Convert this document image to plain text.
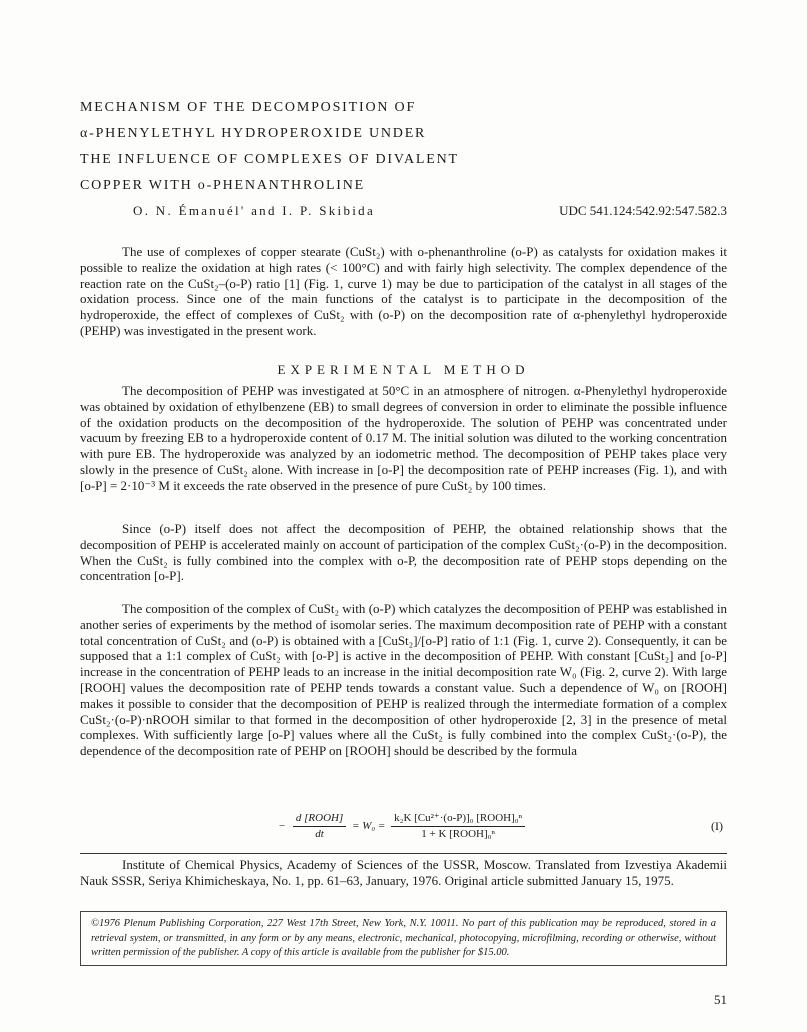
MECHANISM OF THE DECOMPOSITION OF
α-PHENYLETHYL HYDROPEROXIDE UNDER
THE INFLUENCE OF COMPLEXES OF DIVALENT
COPPER WITH o-PHENANTHROLINE
O. N. Émanuél' and I. P. Skibida	UDC 541.124:542.92:547.582.3

The use of complexes of copper stearate (CuSt₂) with o-phenanthroline (o-P) as catalysts for oxidation makes it possible to realize the oxidation at high rates (< 100°C) and with fairly high selectivity. The complex dependence of the reaction rate on the CuSt₂–(o-P) ratio [1] (Fig. 1, curve 1) may be due to participation of the catalyst in all stages of the oxidation process. Since one of the main functions of the catalyst is to participate in the decomposition of the hydroperoxide, the effect of complexes of CuSt₂ with (o-P) on the decomposition rate of α-phenylethyl hydroperoxide (PEHP) was investigated in the present work.

EXPERIMENTAL METHOD

The decomposition of PEHP was investigated at 50°C in an atmosphere of nitrogen. α-Phenylethyl hydroperoxide was obtained by oxidation of ethylbenzene (EB) to small degrees of conversion in order to eliminate the possible influence of the oxidation products on the decomposition of the hydroperoxide. The solution of PEHP was concentrated under vacuum by freezing EB to a hydroperoxide content of 0.17 M. The initial solution was diluted to the working concentration with pure EB. The hydroperoxide was analyzed by an iodometric method. The decomposition of PEHP takes place very slowly in the presence of CuSt₂ alone. With increase in [o-P] the decomposition rate of PEHP increases (Fig. 1), and with [o-P] = 2·10⁻³ M it exceeds the rate observed in the presence of pure CuSt₂ by 100 times.

Since (o-P) itself does not affect the decomposition of PEHP, the obtained relationship shows that the decomposition of PEHP is accelerated mainly on account of participation of the complex CuSt₂·(o-P) in the decomposition. When the CuSt₂ is fully combined into the complex with o-P, the decomposition rate of PEHP stops depending on the concentration [o-P].

The composition of the complex of CuSt₂ with (o-P) which catalyzes the decomposition of PEHP was established in another series of experiments by the method of isomolar series. The maximum decomposition rate of PEHP with a constant total concentration of CuSt₂ and (o-P) is obtained with a [CuSt₂]/[o-P] ratio of 1:1 (Fig. 1, curve 2). Consequently, it can be supposed that a 1:1 complex of CuSt₂ with [o-P] is active in the decomposition of PEHP. With constant [CuSt₂] and [o-P] increase in the concentration of PEHP leads to an increase in the initial decomposition rate W₀ (Fig. 2, curve 2). With large [ROOH] values the decomposition rate of PEHP tends towards a constant value. Such a dependence of W₀ on [ROOH] makes it possible to consider that the decomposition of PEHP is realized through the intermediate formation of a complex CuSt₂·(o-P)·nROOH similar to that formed in the decomposition of other hydroperoxide [2, 3] in the presence of metal complexes. With sufficiently large [o-P] values where all the CuSt₂ is fully combined into the complex CuSt₂·(o-P), the dependence of the decomposition rate of PEHP on [ROOH] should be described by the formula

− $\frac{\text{d [ROOH]}}{dt} = W_0 = \frac{\text{k₂K [Cu²⁺·(o-P)]₀ [ROOH]₀ⁿ}}{\text{1 + K [ROOH]₀ⁿ}}$	(I)

Institute of Chemical Physics, Academy of Sciences of the USSR, Moscow. Translated from Izvestiya Akademii Nauk SSSR, Seriya Khimicheskaya, No. 1, pp. 61–63, January, 1976. Original article submitted January 15, 1975.

©1976 Plenum Publishing Corporation, 227 West 17th Street, New York, N.Y. 10011. No part of this publication may be reproduced, stored in a retrieval system, or transmitted, in any form or by any means, electronic, mechanical, photocopying, microfilming, recording or otherwise, without written permission of the publisher. A copy of this article is available from the publisher for $15.00.
51
